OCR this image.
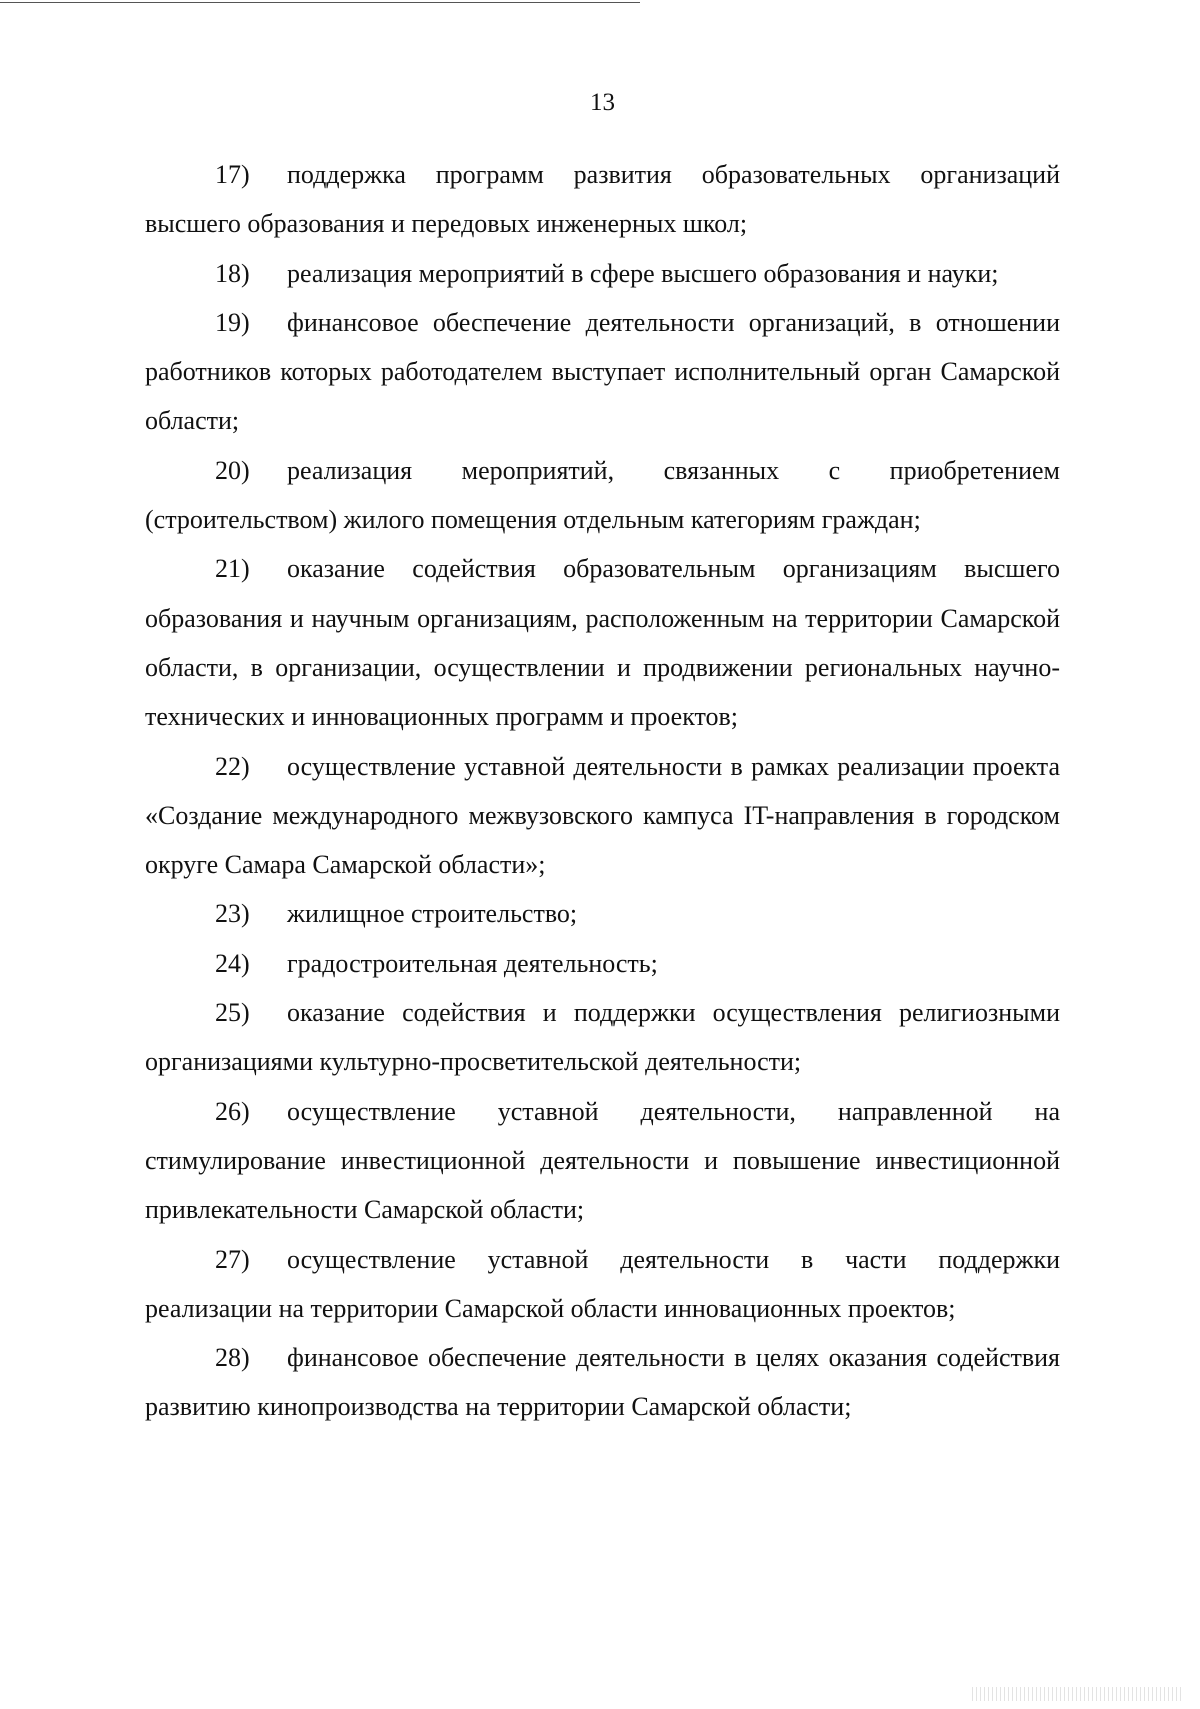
13

17) поддержка программ развития образовательных организаций высшего образования и передовых инженерных школ;

18) реализация мероприятий в сфере высшего образования и науки;

19) финансовое обеспечение деятельности организаций, в отношении работников которых работодателем выступает исполнительный орган Самарской области;

20) реализация мероприятий, связанных с приобретением (строительством) жилого помещения отдельным категориям граждан;

21) оказание содействия образовательным организациям высшего образования и научным организациям, расположенным на территории Самарской области, в организации, осуществлении и продвижении региональных научно-технических и инновационных программ и проектов;

22) осуществление уставной деятельности в рамках реализации проекта «Создание международного межвузовского кампуса IT-направления в городском округе Самара Самарской области»;

23) жилищное строительство;

24) градостроительная деятельность;

25) оказание содействия и поддержки осуществления религиозными организациями культурно-просветительской деятельности;

26) осуществление уставной деятельности, направленной на стимулирование инвестиционной деятельности и повышение инвестиционной привлекательности Самарской области;

27) осуществление уставной деятельности в части поддержки реализации на территории Самарской области инновационных проектов;

28) финансовое обеспечение деятельности в целях оказания содействия развитию кинопроизводства на территории Самарской области;
